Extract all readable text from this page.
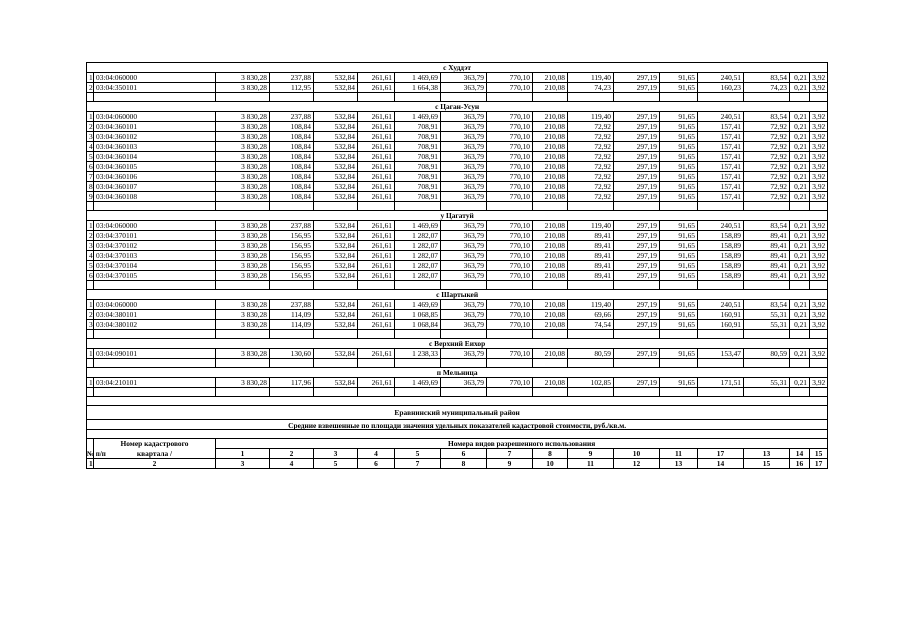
с Худдэт																
1	03:04:060000	3 830,28	237,88	532,84	261,61	1 469,69	363,79	770,10	210,08	119,40	297,19	91,65	240,51	83,54	0,21	3,92
2	03:04:350101	3 830,28	112,95	532,84	261,61	1 664,38	363,79	770,10	210,08	74,23	297,19	91,65	160,23	74,23	0,21	3,92

с Цаган-Усун																
1	03:04:060000	3 830,28	237,88	532,84	261,61	1 469,69	363,79	770,10	210,08	119,40	297,19	91,65	240,51	83,54	0,21	3,92
2	03:04:360101	3 830,28	108,84	532,84	261,61	708,91	363,79	770,10	210,08	72,92	297,19	91,65	157,41	72,92	0,21	3,92
3	03:04:360102	3 830,28	108,84	532,84	261,61	708,91	363,79	770,10	210,08	72,92	297,19	91,65	157,41	72,92	0,21	3,92
4	03:04:360103	3 830,28	108,84	532,84	261,61	708,91	363,79	770,10	210,08	72,92	297,19	91,65	157,41	72,92	0,21	3,92
5	03:04:360104	3 830,28	108,84	532,84	261,61	708,91	363,79	770,10	210,08	72,92	297,19	91,65	157,41	72,92	0,21	3,92
6	03:04:360105	3 830,28	108,84	532,84	261,61	708,91	363,79	770,10	210,08	72,92	297,19	91,65	157,41	72,92	0,21	3,92
7	03:04:360106	3 830,28	108,84	532,84	261,61	708,91	363,79	770,10	210,08	72,92	297,19	91,65	157,41	72,92	0,21	3,92
8	03:04:360107	3 830,28	108,84	532,84	261,61	708,91	363,79	770,10	210,08	72,92	297,19	91,65	157,41	72,92	0,21	3,92
9	03:04:360108	3 830,28	108,84	532,84	261,61	708,91	363,79	770,10	210,08	72,92	297,19	91,65	157,41	72,92	0,21	3,92

у Цагатуй																
1	03:04:060000	3 830,28	237,88	532,84	261,61	1 469,69	363,79	770,10	210,08	119,40	297,19	91,65	240,51	83,54	0,21	3,92
2	03:04:370101	3 830,28	156,95	532,84	261,61	1 282,07	363,79	770,10	210,08	89,41	297,19	91,65	158,89	89,41	0,21	3,92
3	03:04:370102	3 830,28	156,95	532,84	261,61	1 282,07	363,79	770,10	210,08	89,41	297,19	91,65	158,89	89,41	0,21	3,92
4	03:04:370103	3 830,28	156,95	532,84	261,61	1 282,07	363,79	770,10	210,08	89,41	297,19	91,65	158,89	89,41	0,21	3,92
5	03:04:370104	3 830,28	156,95	532,84	261,61	1 282,07	363,79	770,10	210,08	89,41	297,19	91,65	158,89	89,41	0,21	3,92
6	03:04:370105	3 830,28	156,95	532,84	261,61	1 282,07	363,79	770,10	210,08	89,41	297,19	91,65	158,89	89,41	0,21	3,92

с Шартыкей																
1	03:04:060000	3 830,28	237,88	532,84	261,61	1 469,69	363,79	770,10	210,08	119,40	297,19	91,65	240,51	83,54	0,21	3,92
2	03:04:380101	3 830,28	114,09	532,84	261,61	1 068,85	363,79	770,10	210,08	69,66	297,19	91,65	160,91	55,31	0,21	3,92
3	03:04:380102	3 830,28	114,09	532,84	261,61	1 068,84	363,79	770,10	210,08	74,54	297,19	91,65	160,91	55,31	0,21	3,92

с Верхний Еихор																
1	03:04:090101	3 830,28	130,60	532,84	261,61	1 238,33	363,79	770,10	210,08	80,59	297,19	91,65	153,47	80,59	0,21	3,92

п Мельница																
1	03:04:210101	3 830,28	117,96	532,84	261,61	1 469,69	363,79	770,10	210,08	102,85	297,19	91,65	171,51	55,31	0,21	3,92

Еравнинский муниципальный район																
Средние взвешенные по площади значения удельных показателей кадастровой стоимости, руб./кв.м.																

№ п/п	Номер кадастрового
квартала /	Номера видов разрешенного использования														
		1	2	3	4	5	6	7	8	9	10	11	17	13	14	15
1	2	3	4	5	6	7	8	9	10	11	12	13	14	15	16	17
